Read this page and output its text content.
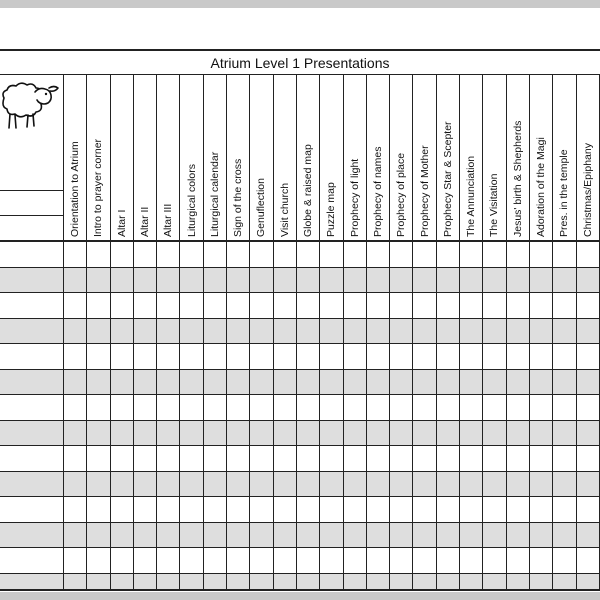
Atrium Level 1 Presentations
Orientation to Atrium Intro to prayer corner Altar I Altar II Altar III Liturgical colors Liturgical calendar Sign of the cross Genuflection Visit church Globe & raised map Puzzle map Prophecy of light Prophecy of names Prophecy of place Prophecy of Mother Prophecy Star & Scepter The Annunciation The Visitation Jesus' birth & Shepherds Adoration of the Magi Pres. in the temple Christmas/Epiphany
